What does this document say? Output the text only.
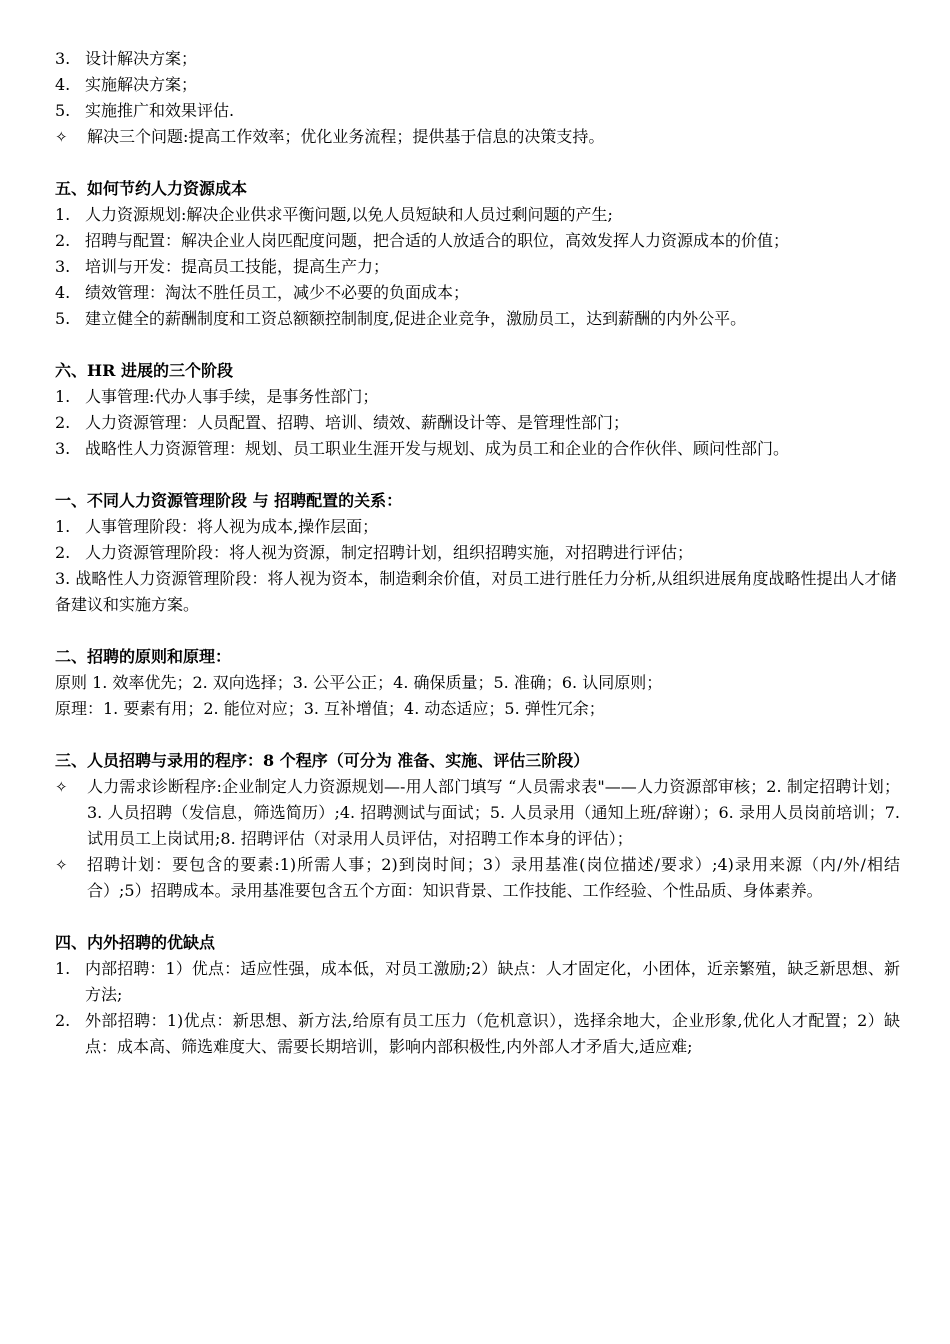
3. 设计解决方案；
4. 实施解决方案；
5. 实施推广和效果评估.
✧	解决三个问题:提高工作效率；优化业务流程；提供基于信息的决策支持。
五、如何节约人力资源成本
1. 人力资源规划:解决企业供求平衡问题,以免人员短缺和人员过剩问题的产生;
2. 招聘与配置：解决企业人岗匹配度问题，把合适的人放适合的职位，高效发挥人力资源成本的价值；
3. 培训与开发：提高员工技能，提高生产力；
4. 绩效管理：淘汰不胜任员工，减少不必要的负面成本；
5. 建立健全的薪酬制度和工资总额额控制制度,促进企业竞争，激励员工，达到薪酬的内外公平。
六、HR 进展的三个阶段
1. 人事管理:代办人事手续，是事务性部门；
2. 人力资源管理：人员配置、招聘、培训、绩效、薪酬设计等、是管理性部门；
3. 战略性人力资源管理：规划、员工职业生涯开发与规划、成为员工和企业的合作伙伴、顾问性部门。
一、不同人力资源管理阶段 与 招聘配置的关系：
1. 人事管理阶段：将人视为成本,操作层面；
2. 人力资源管理阶段：将人视为资源，制定招聘计划，组织招聘实施，对招聘进行评估；
3. 战略性人力资源管理阶段：将人视为资本，制造剩余价值，对员工进行胜任力分析,从组织进展角度战略性提出人才储备建议和实施方案。
二、招聘的原则和原理：
原则 1. 效率优先；2. 双向选择；3. 公平公正；4. 确保质量；5. 准确；6. 认同原则；
原理：1. 要素有用；2. 能位对应；3. 互补增值；4. 动态适应；5. 弹性冗余；
三、人员招聘与录用的程序：8 个程序（可分为 准备、实施、评估三阶段）
✧	人力需求诊断程序:企业制定人力资源规划—-用人部门填写 “人员需求表"——人力资源部审核；2. 制定招聘计划；3. 人员招聘（发信息，筛选简历）;4. 招聘测试与面试；5. 人员录用（通知上班/辞谢）；6. 录用人员岗前培训；7. 试用员工上岗试用;8. 招聘评估（对录用人员评估，对招聘工作本身的评估）；
✧	招聘计划：要包含的要素:1)所需人事；2)到岗时间；3）录用基准(岗位描述/要求）;4)录用来源（内/外/相结合）;5）招聘成本。录用基准要包含五个方面：知识背景、工作技能、工作经验、个性品质、身体素养。
四、内外招聘的优缺点
1. 内部招聘：1）优点：适应性强，成本低，对员工激励;2）缺点：人才固定化，小团体，近亲繁殖，缺乏新思想、新方法;
2. 外部招聘：1)优点：新思想、新方法,给原有员工压力（危机意识），选择余地大，企业形象,优化人才配置；2）缺点：成本高、筛选难度大、需要长期培训，影响内部积极性,内外部人才矛盾大,适应难;
